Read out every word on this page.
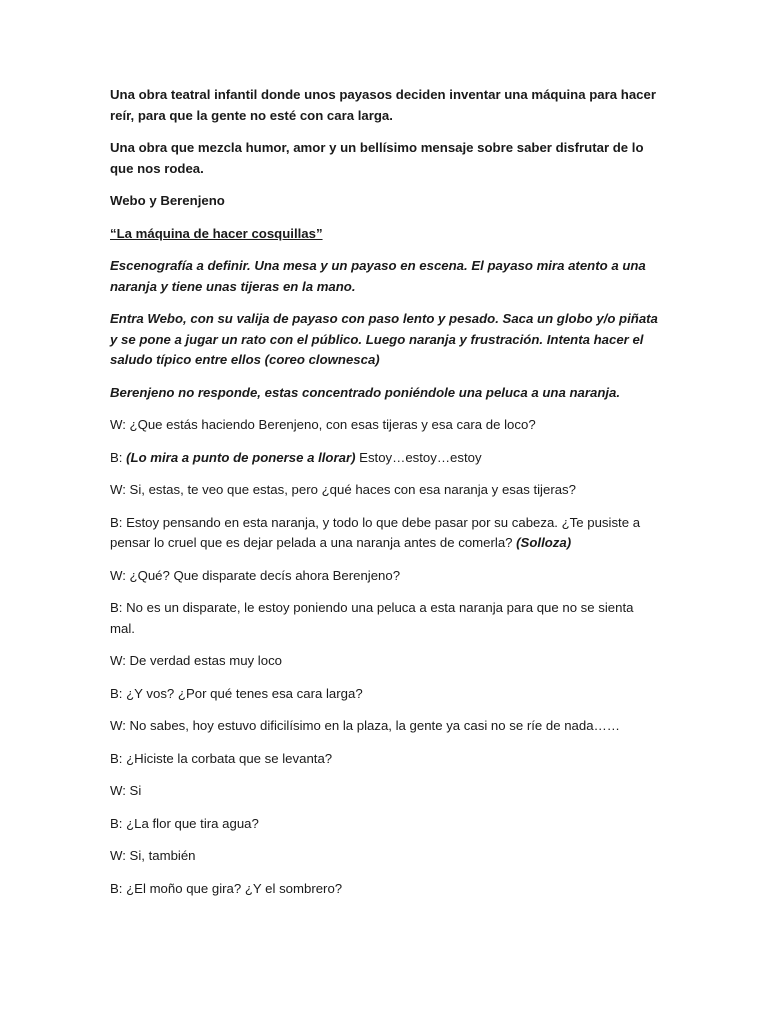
Una obra teatral infantil donde unos payasos deciden inventar una máquina para hacer reír, para que la gente no esté con cara larga.

Una obra que mezcla humor, amor y un bellísimo mensaje sobre saber disfrutar de lo que nos rodea.

Webo y Berenjeno

“La máquina de hacer cosquillas”

Escenografía a definir. Una mesa y un payaso en escena. El payaso mira atento a una naranja y tiene unas tijeras en la mano.

Entra Webo, con su valija de payaso con paso lento y pesado. Saca un globo y/o piñata y se pone a jugar un rato con el público. Luego naranja y frustración. Intenta hacer el saludo típico entre ellos (coreo clownesca)

Berenjeno no responde, estas concentrado poniéndole una peluca a una naranja.

W: ¿Que estás haciendo Berenjeno, con esas tijeras y esa cara de loco?

B: (Lo mira a punto de ponerse a llorar) Estoy…estoy…estoy

W: Si, estas, te veo que estas, pero ¿qué haces con esa naranja y esas tijeras?

B: Estoy pensando en esta naranja, y todo lo que debe pasar por su cabeza. ¿Te pusiste a pensar lo cruel que es dejar pelada a una naranja antes de comerla? (Solloza)

W: ¿Qué? Que disparate decís ahora Berenjeno?

B: No es un disparate, le estoy poniendo una peluca a esta naranja para que no se sienta mal.

W: De verdad estas muy loco

B: ¿Y vos? ¿Por qué tenes esa cara larga?

W: No sabes, hoy estuvo dificilísimo en la plaza, la gente ya casi no se ríe de nada……

B: ¿Hiciste la corbata que se levanta?

W: Si

B: ¿La flor que tira agua?

W: Si, también

B: ¿El moño que gira? ¿Y el sombrero?
